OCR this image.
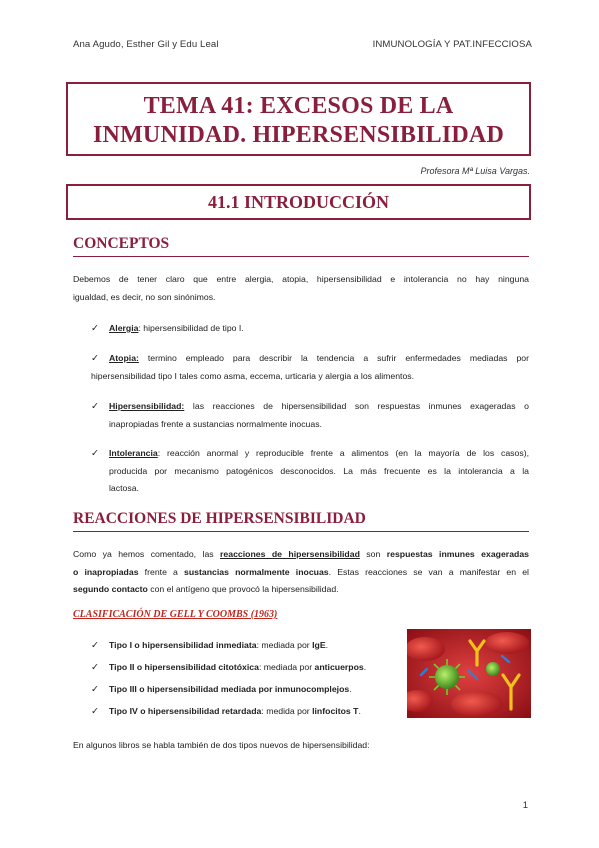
Ana Agudo, Esther Gil y Edu Leal	INMUNOLOGÍA Y PAT.INFECCIOSA
TEMA 41: EXCESOS DE LA
INMUNIDAD. HIPERSENSIBILIDAD
Profesora Mª Luisa Vargas.
41.1 INTRODUCCIÓN
CONCEPTOS
Debemos de tener claro que entre alergia, atopia, hipersensibilidad e intolerancia no hay ninguna
igualdad, es decir, no son sinónimos.
✓ Alergia: hipersensibilidad de tipo I.
✓ Atopia: termino empleado para describir la tendencia a sufrir enfermedades mediadas por
hipersensibilidad tipo I tales como asma, eccema, urticaria y alergia a los alimentos.
✓ Hipersensibilidad: las reacciones de hipersensibilidad son respuestas inmunes exageradas o
inapropiadas frente a sustancias normalmente inocuas.
✓ Intolerancia: reacción anormal y reproducible frente a alimentos (en la mayoría de los casos),
producida por mecanismo patogénicos desconocidos. La más frecuente es la intolerancia a la
lactosa.
REACCIONES DE HIPERSENSIBILIDAD
Como ya hemos comentado, las reacciones de hipersensibilidad son respuestas inmunes exageradas
o inapropiadas frente a sustancias normalmente inocuas. Estas reacciones se van a manifestar en el
segundo contacto con el antígeno que provocó la hipersensibilidad.
CLASIFICACIÓN DE GELL Y COOMBS (1963)
✓ Tipo I o hipersensibilidad inmediata: mediada por IgE.
✓ Tipo II o hipersensibilidad citotóxica: mediada por anticuerpos.
✓ Tipo III o hipersensibilidad mediada por inmunocomplejos.
✓ Tipo IV o hipersensibilidad retardada: medida por linfocitos T.
En algunos libros se habla también de dos tipos nuevos de hipersensibilidad:
1
